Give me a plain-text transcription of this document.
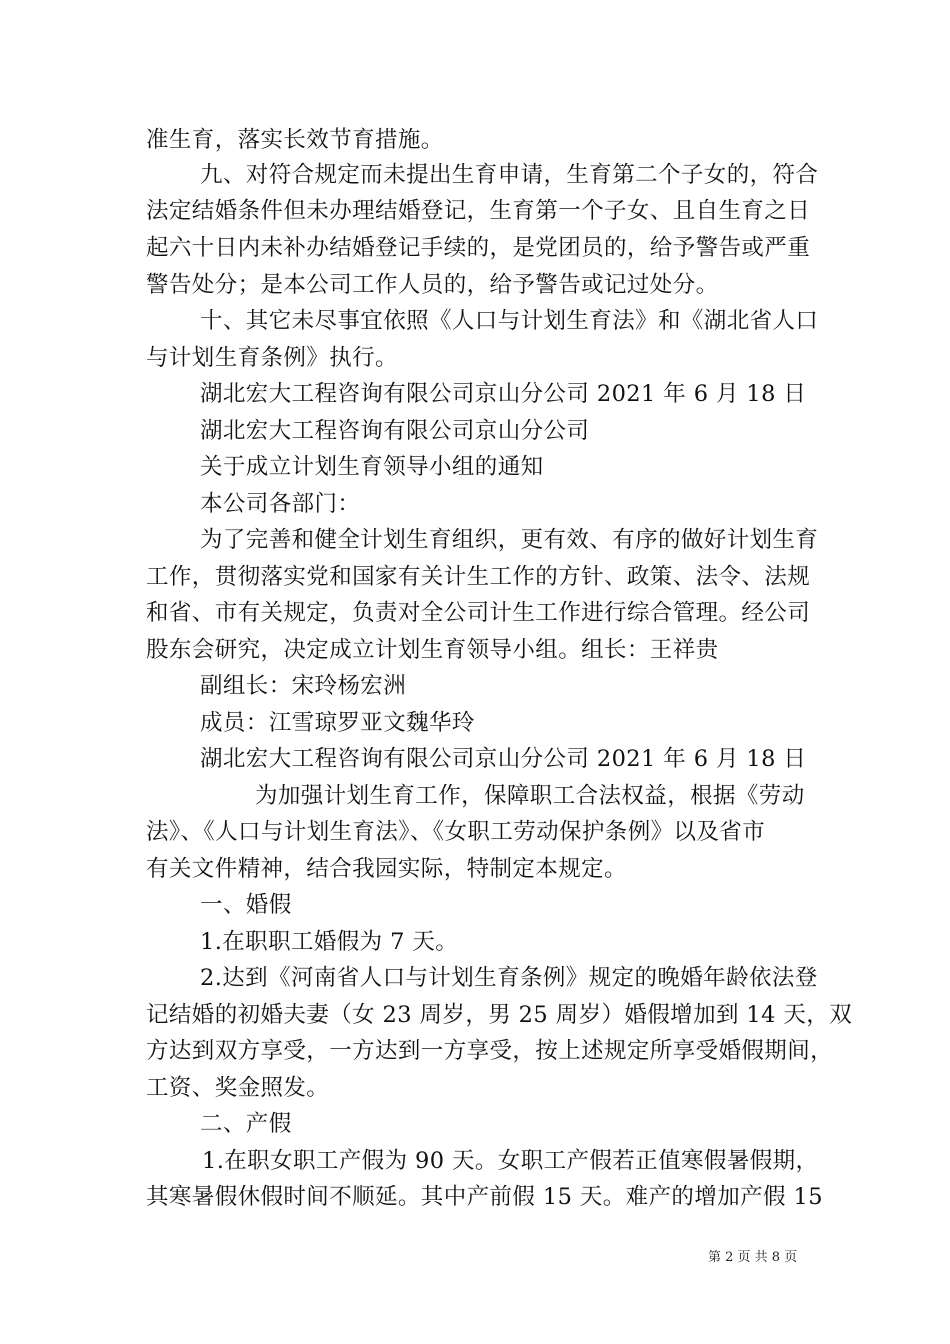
准生育，落实长效节育措施。
九、对符合规定而未提出生育申请，生育第二个子女的，符合
法定结婚条件但未办理结婚登记，生育第一个子女、且自生育之日
起六十日内未补办结婚登记手续的，是党团员的，给予警告或严重
警告处分；是本公司工作人员的，给予警告或记过处分。
十、其它未尽事宜依照《人口与计划生育法》和《湖北省人口
与计划生育条例》执行。
湖北宏大工程咨询有限公司京山分公司 2021 年 6 月 18 日
湖北宏大工程咨询有限公司京山分公司
关于成立计划生育领导小组的通知
本公司各部门：
为了完善和健全计划生育组织，更有效、有序的做好计划生育
工作，贯彻落实党和国家有关计生工作的方针、政策、法令、法规
和省、市有关规定，负责对全公司计生工作进行综合管理。经公司
股东会研究，决定成立计划生育领导小组。组长：王祥贵
副组长：宋玲杨宏洲
成员：江雪琼罗亚文魏华玲
湖北宏大工程咨询有限公司京山分公司 2021 年 6 月 18 日
为加强计划生育工作，保障职工合法权益，根据《劳动
法》、《人口与计划生育法》、《女职工劳动保护条例》以及省市
有关文件精神，结合我园实际，特制定本规定。
一、婚假
1.在职职工婚假为 7 天。
2.达到《河南省人口与计划生育条例》规定的晚婚年龄依法登
记结婚的初婚夫妻（女 23 周岁，男 25 周岁）婚假增加到 14 天，双
方达到双方享受，一方达到一方享受，按上述规定所享受婚假期间，
工资、奖金照发。
二、产假
1.在职女职工产假为 90 天。女职工产假若正值寒假暑假期，
其寒暑假休假时间不顺延。其中产前假 15 天。难产的增加产假 15
第 2 页 共 8 页
